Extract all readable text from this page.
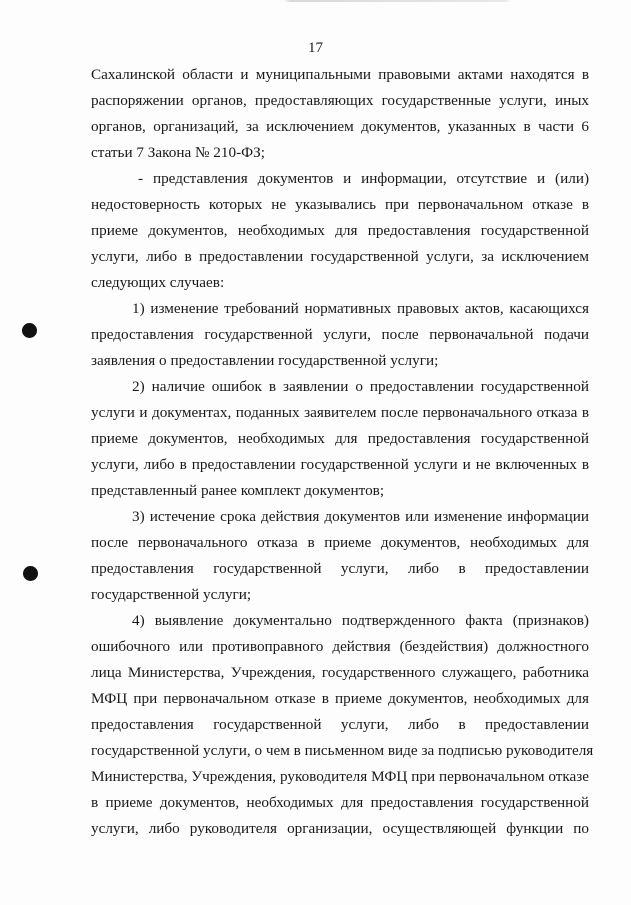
17

Сахалинской области и муниципальными правовыми актами находятся в
распоряжении органов, предоставляющих государственные услуги, иных
органов, организаций, за исключением документов, указанных в части 6
статьи 7 Закона № 210-ФЗ;

- представления документов и информации, отсутствие и (или)
недостоверность которых не указывались при первоначальном отказе в
приеме документов, необходимых для предоставления государственной
услуги, либо в предоставлении государственной услуги, за исключением
следующих случаев:

1) изменение требований нормативных правовых актов, касающихся
предоставления государственной услуги, после первоначальной подачи
заявления о предоставлении государственной услуги;

2) наличие ошибок в заявлении о предоставлении государственной
услуги и документах, поданных заявителем после первоначального отказа в
приеме документов, необходимых для предоставления государственной
услуги, либо в предоставлении государственной услуги и не включенных в
представленный ранее комплект документов;

3) истечение срока действия документов или изменение информации
после первоначального отказа в приеме документов, необходимых для
предоставления государственной услуги, либо в предоставлении
государственной услуги;

4) выявление документально подтвержденного факта (признаков)
ошибочного или противоправного действия (бездействия) должностного
лица Министерства, Учреждения, государственного служащего, работника
МФЦ при первоначальном отказе в приеме документов, необходимых для
предоставления государственной услуги, либо в предоставлении
государственной услуги, о чем в письменном виде за подписью руководителя
Министерства, Учреждения, руководителя МФЦ при первоначальном отказе
в приеме документов, необходимых для предоставления государственной
услуги, либо руководителя организации, осуществляющей функции по
